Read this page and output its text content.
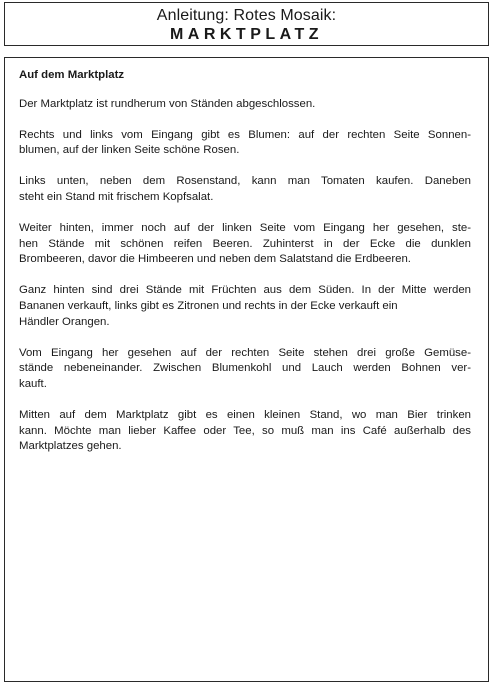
Anleitung: Rotes Mosaik:
MARKTPLATZ
Auf dem Marktplatz
Der Marktplatz ist rundherum von Ständen abgeschlossen.
Rechts und links vom Eingang gibt es Blumen: auf der rechten Seite Sonnen-
blumen, auf der linken Seite schöne Rosen.
Links unten, neben dem Rosenstand, kann man Tomaten kaufen. Daneben
steht ein Stand mit frischem Kopfsalat.
Weiter hinten, immer noch auf der linken Seite vom Eingang her gesehen, ste-
hen Stände mit schönen reifen Beeren. Zuhinterst in der Ecke die dunklen
Brombeeren, davor die Himbeeren und neben dem Salatstand die Erdbeeren.
Ganz hinten sind drei Stände mit Früchten aus dem Süden. In der Mitte werden
Bananen verkauft, links gibt es Zitronen und rechts in der Ecke verkauft ein
Händler Orangen.
Vom Eingang her gesehen auf der rechten Seite stehen drei große Gemüse-
stände nebeneinander. Zwischen Blumenkohl und Lauch werden Bohnen ver-
kauft.
Mitten auf dem Marktplatz gibt es einen kleinen Stand, wo man Bier trinken
kann. Möchte man lieber Kaffee oder Tee, so muß man ins Café außerhalb des
Marktplatzes gehen.
